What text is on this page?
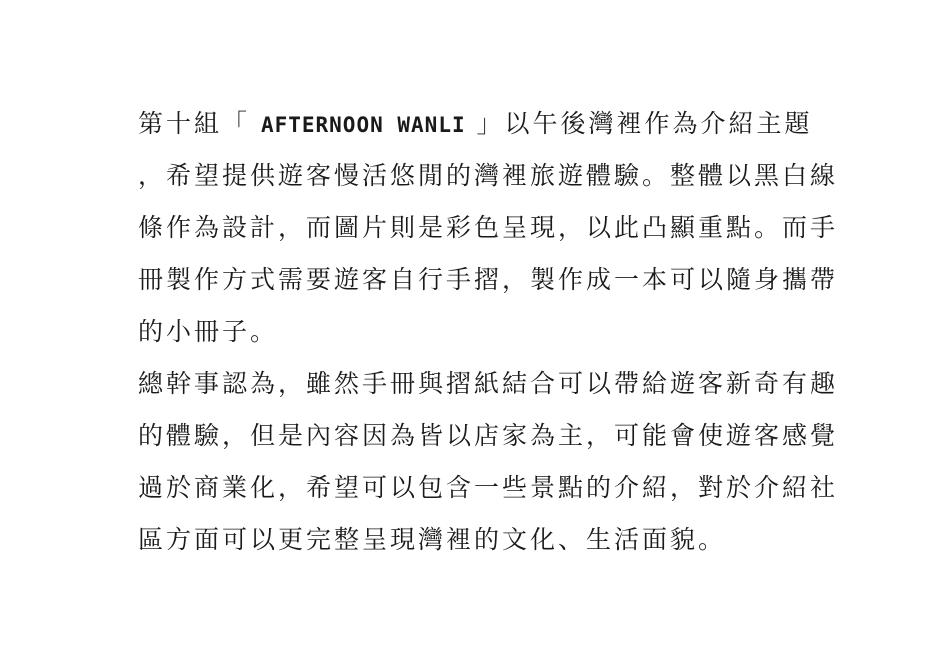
第十組「 AFTERNOON WANLI 」以午後灣裡作為介紹主題
，希望提供遊客慢活悠閒的灣裡旅遊體驗。整體以黑白線
條作為設計，而圖片則是彩色呈現，以此凸顯重點。而手
冊製作方式需要遊客自行手摺，製作成一本可以隨身攜帶
的小冊子。
總幹事認為，雖然手冊與摺紙結合可以帶給遊客新奇有趣
的體驗，但是內容因為皆以店家為主，可能會使遊客感覺
過於商業化，希望可以包含一些景點的介紹，對於介紹社
區方面可以更完整呈現灣裡的文化、生活面貌。
